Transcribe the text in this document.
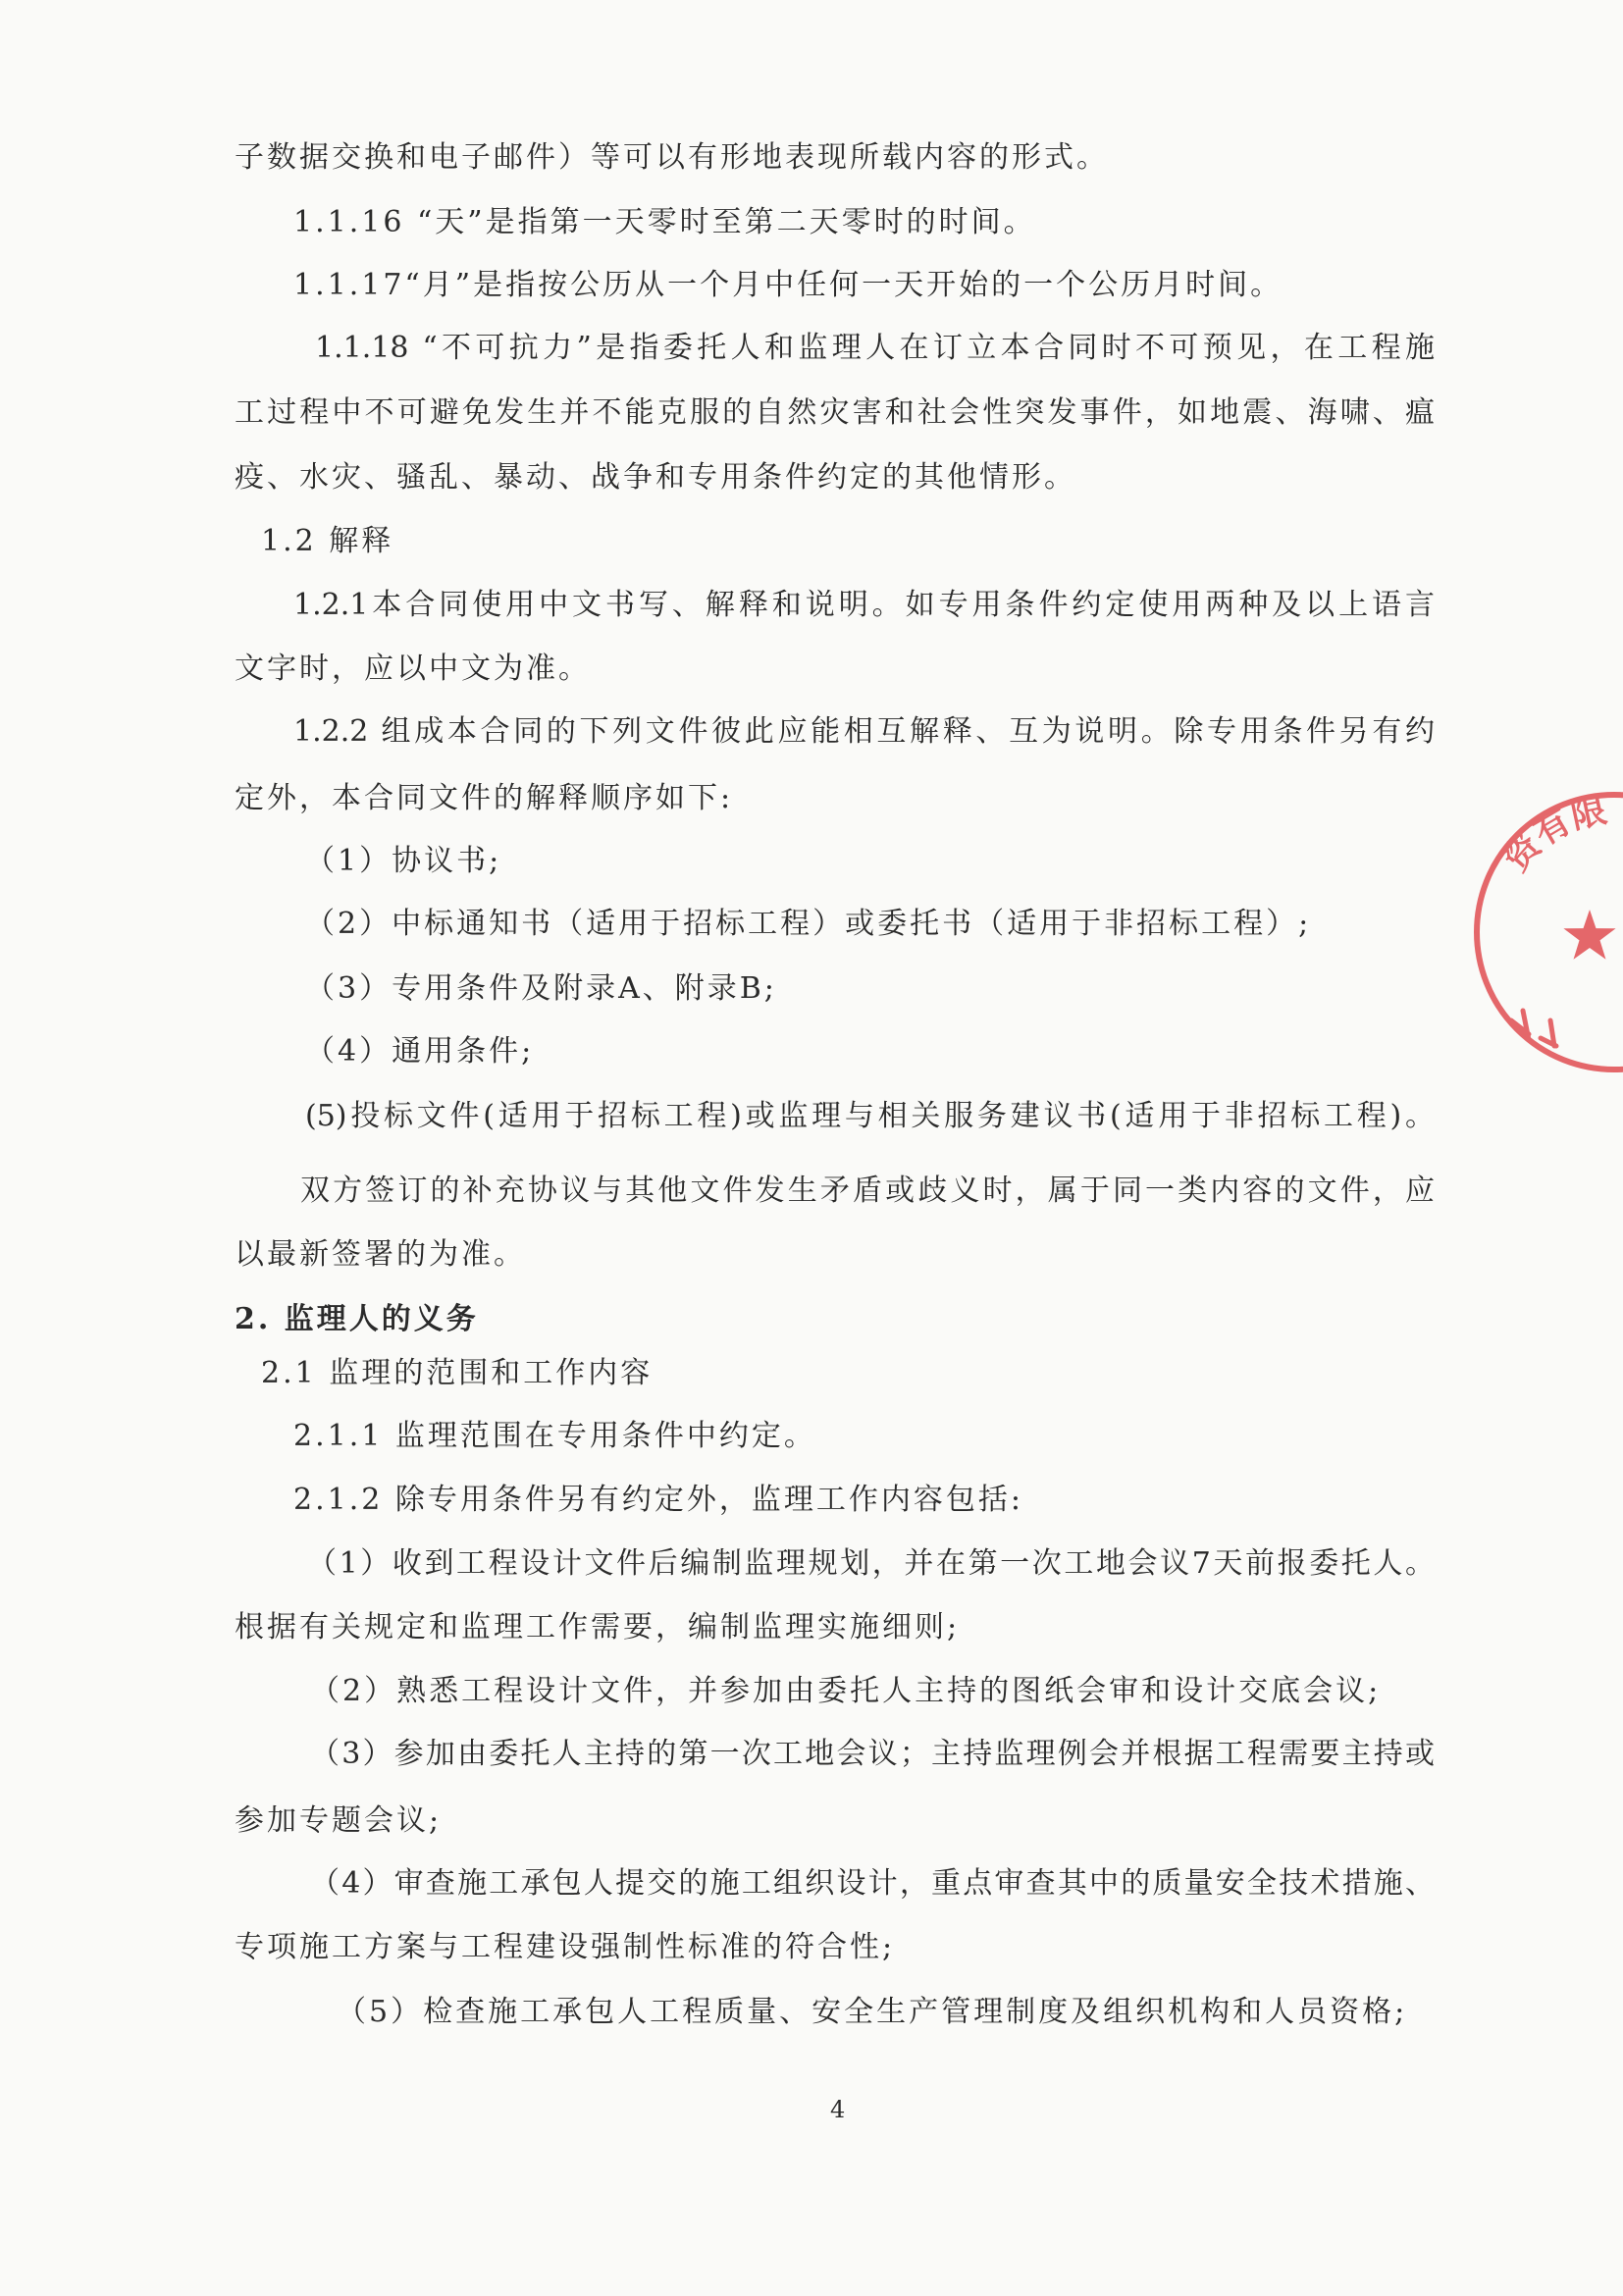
子数据交换和电子邮件）等可以有形地表现所载内容的形式。
1.1.16 “天”是指第一天零时至第二天零时的时间。
1.1.17“月”是指按公历从一个月中任何一天开始的一个公历月时间。
1.1.18 “不可抗力”是指委托人和监理人在订立本合同时不可预见，在工程施
工过程中不可避免发生并不能克服的自然灾害和社会性突发事件，如地震、海啸、瘟
疫、水灾、骚乱、暴动、战争和专用条件约定的其他情形。
1.2 解释
1.2.1本合同使用中文书写、解释和说明。如专用条件约定使用两种及以上语言
文字时，应以中文为准。
1.2.2 组成本合同的下列文件彼此应能相互解释、互为说明。除专用条件另有约
定外，本合同文件的解释顺序如下:
（1）协议书;
（2）中标通知书（适用于招标工程）或委托书（适用于非招标工程）;
（3）专用条件及附录A、附录B;
（4）通用条件;
(5)投标文件(适用于招标工程)或监理与相关服务建议书(适用于非招标工程)。
双方签订的补充协议与其他文件发生矛盾或歧义时，属于同一类内容的文件，应
以最新签署的为准。
2. 监理人的义务
2.1 监理的范围和工作内容
2.1.1 监理范围在专用条件中约定。
2.1.2 除专用条件另有约定外，监理工作内容包括:
（1）收到工程设计文件后编制监理规划，并在第一次工地会议7天前报委托人。
根据有关规定和监理工作需要，编制监理实施细则;
（2）熟悉工程设计文件，并参加由委托人主持的图纸会审和设计交底会议;
（3）参加由委托人主持的第一次工地会议；主持监理例会并根据工程需要主持或
参加专题会议;
（4）审查施工承包人提交的施工组织设计，重点审查其中的质量安全技术措施、
专项施工方案与工程建设强制性标准的符合性;
（5）检查施工承包人工程质量、安全生产管理制度及组织机构和人员资格;
4
资有限
